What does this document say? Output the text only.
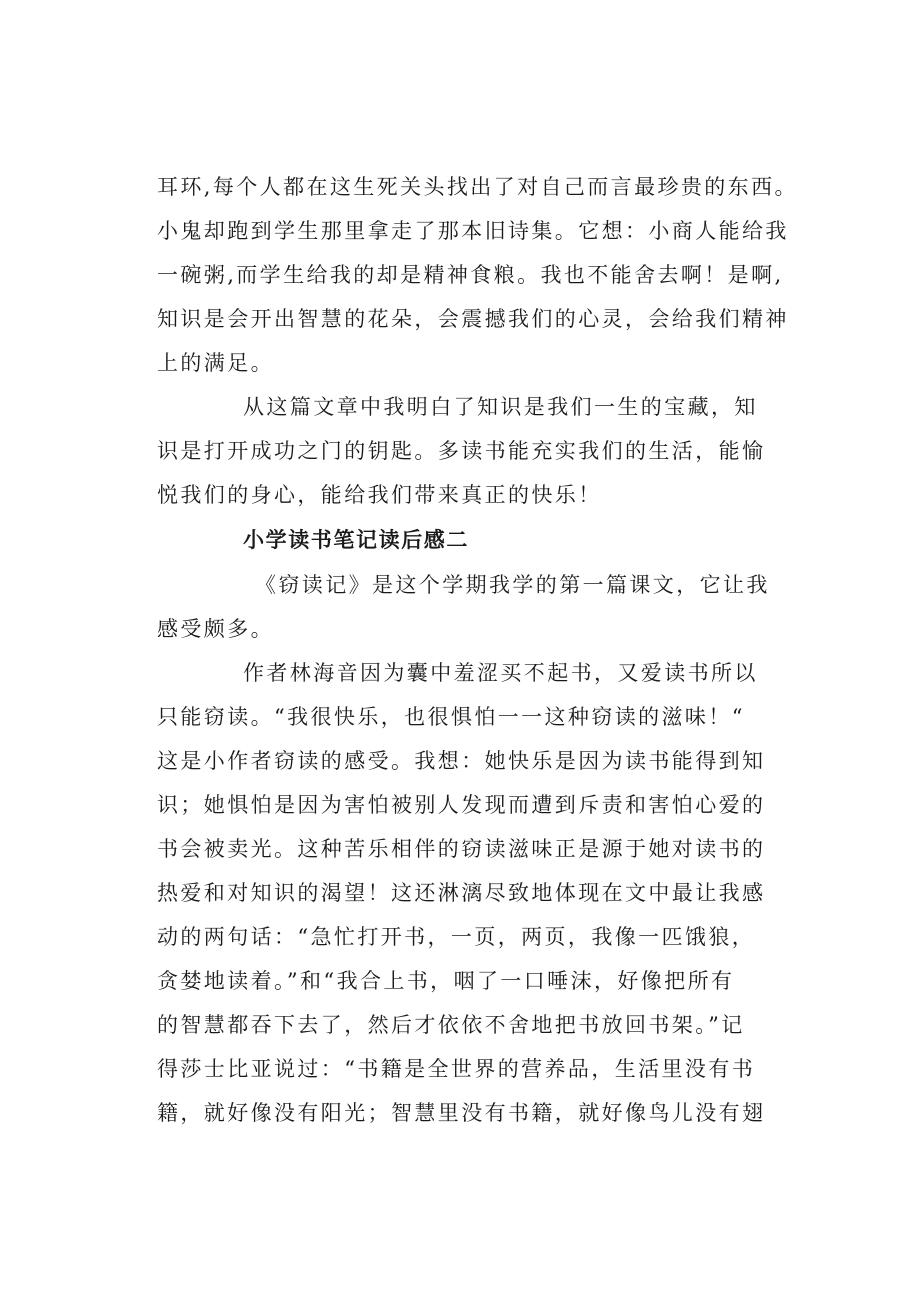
耳环,每个人都在这生死关头找出了对自己而言最珍贵的东西。
小鬼却跑到学生那里拿走了那本旧诗集。它想：小商人能给我
一碗粥,而学生给我的却是精神食粮。我也不能舍去啊！是啊,
知识是会开出智慧的花朵，会震撼我们的心灵，会给我们精神
上的满足。
从这篇文章中我明白了知识是我们一生的宝藏，知
识是打开成功之门的钥匙。多读书能充实我们的生活，能愉
悦我们的身心，能给我们带来真正的快乐！
小学读书笔记读后感二
《窃读记》是这个学期我学的第一篇课文，它让我
感受颇多。
作者林海音因为囊中羞涩买不起书，又爱读书所以
只能窃读。“我很快乐，也很惧怕一一这种窃读的滋味！“
这是小作者窃读的感受。我想：她快乐是因为读书能得到知
识；她惧怕是因为害怕被别人发现而遭到斥责和害怕心爱的
书会被卖光。这种苦乐相伴的窃读滋味正是源于她对读书的
热爱和对知识的渴望！这还淋漓尽致地体现在文中最让我感
动的两句话：“急忙打开书，一页，两页，我像一匹饿狼，
贪婪地读着。”和“我合上书，咽了一口唾沫，好像把所有
的智慧都吞下去了，然后才依依不舍地把书放回书架。”记
得莎士比亚说过：“书籍是全世界的营养品，生活里没有书
籍，就好像没有阳光；智慧里没有书籍，就好像鸟儿没有翅
